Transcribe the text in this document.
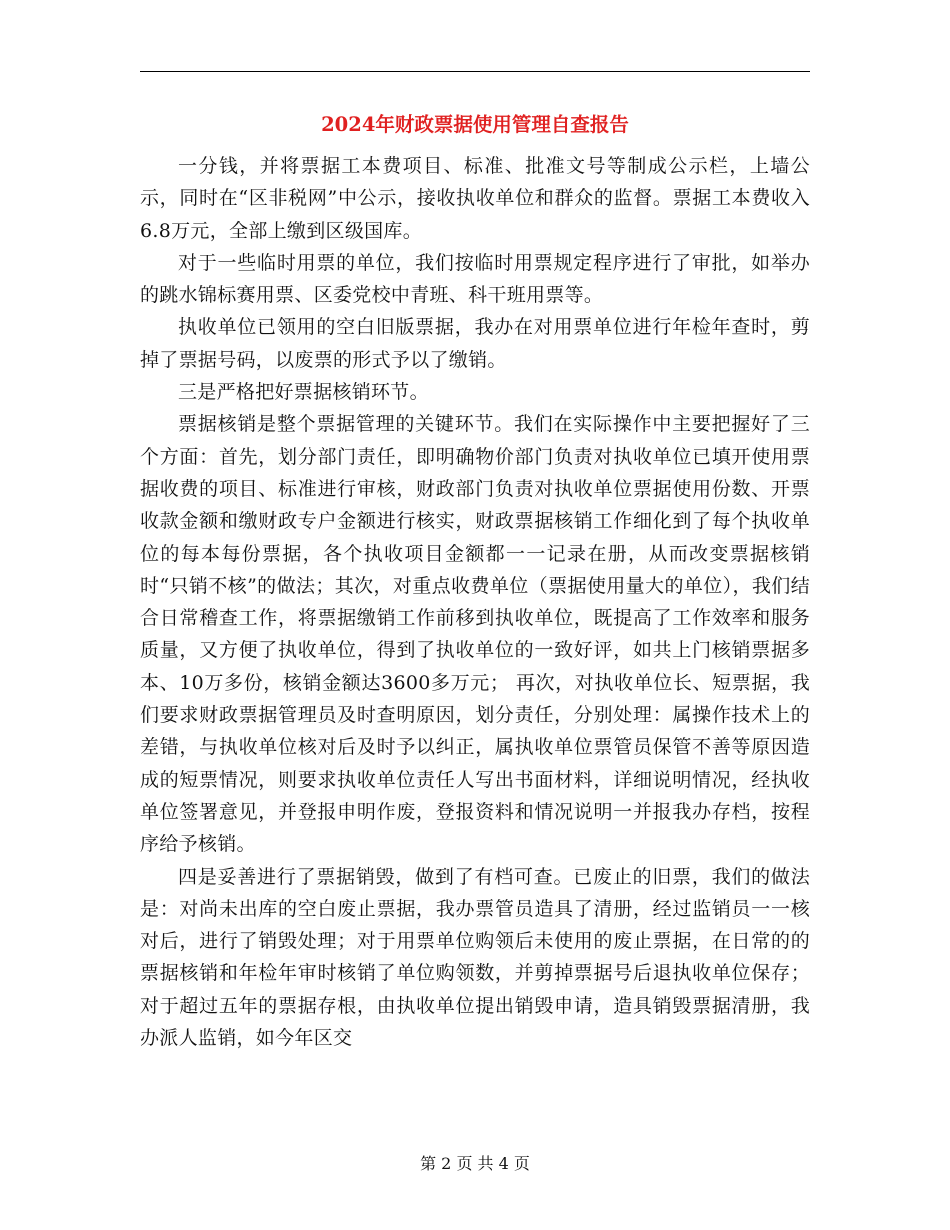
2024年财政票据使用管理自查报告

一分钱，并将票据工本费项目、标准、批准文号等制成公示栏，上墙公示，同时在“区非税网”中公示，接收执收单位和群众的监督。票据工本费收入6.8万元，全部上缴到区级国库。

对于一些临时用票的单位，我们按临时用票规定程序进行了审批，如举办的跳水锦标赛用票、区委党校中青班、科干班用票等。

执收单位已领用的空白旧版票据，我办在对用票单位进行年检年查时，剪掉了票据号码，以废票的形式予以了缴销。

三是严格把好票据核销环节。

票据核销是整个票据管理的关键环节。我们在实际操作中主要把握好了三个方面：首先，划分部门责任，即明确物价部门负责对执收单位已填开使用票据收费的项目、标准进行审核，财政部门负责对执收单位票据使用份数、开票收款金额和缴财政专户金额进行核实，财政票据核销工作细化到了每个执收单位的每本每份票据，各个执收项目金额都一一记录在册，从而改变票据核销时“只销不核”的做法；其次，对重点收费单位（票据使用量大的单位），我们结合日常稽查工作，将票据缴销工作前移到执收单位，既提高了工作效率和服务质量，又方便了执收单位，得到了执收单位的一致好评，如共上门核销票据多本、10万多份，核销金额达3600多万元； 再次，对执收单位长、短票据，我们要求财政票据管理员及时查明原因，划分责任，分别处理：属操作技术上的差错，与执收单位核对后及时予以纠正，属执收单位票管员保管不善等原因造成的短票情况，则要求执收单位责任人写出书面材料，详细说明情况，经执收单位签署意见，并登报申明作废，登报资料和情况说明一并报我办存档，按程序给予核销。

四是妥善进行了票据销毁，做到了有档可查。已废止的旧票，我们的做法是：对尚未出库的空白废止票据，我办票管员造具了清册，经过监销员一一核对后，进行了销毁处理；对于用票单位购领后未使用的废止票据，在日常的的票据核销和年检年审时核销了单位购领数，并剪掉票据号后退执收单位保存；对于超过五年的票据存根，由执收单位提出销毁申请，造具销毁票据清册，我办派人监销，如今年区交

第 2 页 共 4 页
